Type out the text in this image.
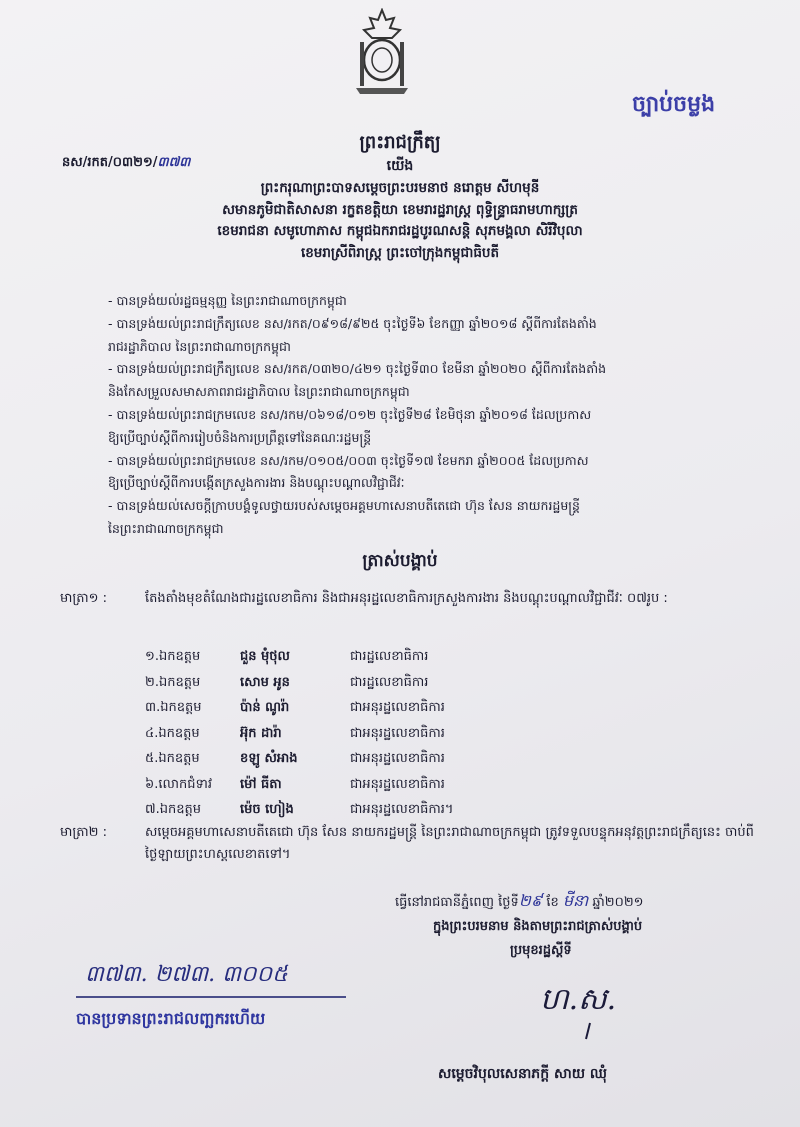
ច្បាប់ចម្លង
ព្រះរាជក្រឹត្យ
នស/រកត/០៣២១/៣៧៣	យើង
ព្រះករុណាព្រះបាទសម្តេចព្រះបរមនាថ នរោត្តម សីហមុនី
សមានភូមិជាតិសាសនា រក្ខតខត្តិយា ខេមរារដ្ឋរាស្ត្រ ពុទ្ធិន្ទ្រាធរាមហាក្សត្រ
ខេមរាជនា សមូហោភាស កម្ពុជឯករាជរដ្ឋបូរណសន្តិ សុភមង្គលា សិរីវិបុលា
ខេមរាស្រីពិរាស្ត្រ ព្រះចៅក្រុងកម្ពុជាធិបតី
- បានទ្រង់យល់រដ្ឋធម្មនុញ្ញ នៃព្រះរាជាណាចក្រកម្ពុជា
- បានទ្រង់យល់ព្រះរាជក្រឹត្យលេខ នស/រកត/០៩១៨/៩២៥ ចុះថ្ងៃទី៦ ខែកញ្ញា ឆ្នាំ២០១៨ ស្តីពីការតែងតាំង
រាជរដ្ឋាភិបាល នៃព្រះរាជាណាចក្រកម្ពុជា
- បានទ្រង់យល់ព្រះរាជក្រឹត្យលេខ នស/រកត/០៣២០/៤២១ ចុះថ្ងៃទី៣០ ខែមីនា ឆ្នាំ២០២០ ស្តីពីការតែងតាំង
និងកែសម្រួលសមាសភាពរាជរដ្ឋាភិបាល នៃព្រះរាជាណាចក្រកម្ពុជា
- បានទ្រង់យល់ព្រះរាជក្រមលេខ នស/រកម/០៦១៨/០១២ ចុះថ្ងៃទី២៨ ខែមិថុនា ឆ្នាំ២០១៨ ដែលប្រកាស
ឱ្យប្រើច្បាប់ស្តីពីការរៀបចំនិងការប្រព្រឹត្តទៅនៃគណៈរដ្ឋមន្ត្រី
- បានទ្រង់យល់ព្រះរាជក្រមលេខ នស/រកម/០១០៥/០០៣ ចុះថ្ងៃទី១៧ ខែមករា ឆ្នាំ២០០៥ ដែលប្រកាស
ឱ្យប្រើច្បាប់ស្តីពីការបង្កើតក្រសួងការងារ និងបណ្តុះបណ្តាលវិជ្ជាជីវៈ
- បានទ្រង់យល់សេចក្តីក្រាបបង្គំទូលថ្វាយរបស់សម្តេចអគ្គមហាសេនាបតីតេជោ ហ៊ុន សែន នាយករដ្ឋមន្ត្រី
នៃព្រះរាជាណាចក្រកម្ពុជា
ត្រាស់បង្គាប់
មាត្រា១ :	តែងតាំងមុខតំណែងជារដ្ឋលេខាធិការ និងជាអនុរដ្ឋលេខាធិការក្រសួងការងារ និងបណ្តុះបណ្តាលវិជ្ជាជីវៈ ០៧រូប :
១.ឯកឧត្តម	ជួន មុំថុល	ជារដ្ឋលេខាធិការ
២.ឯកឧត្តម	សោម អូន	ជារដ្ឋលេខាធិការ
៣.ឯកឧត្តម	ប៉ាន់ ណូរ៉ា	ជាអនុរដ្ឋលេខាធិការ
៤.ឯកឧត្តម	អ៊ុក ដារ៉ា	ជាអនុរដ្ឋលេខាធិការ
៥.ឯកឧត្តម	ខឡូ សំអាង	ជាអនុរដ្ឋលេខាធិការ
៦.លោកជំទាវ ម៉ៅ ធីតា	ជាអនុរដ្ឋលេខាធិការ
៧.ឯកឧត្តម	ម៉េច ហៀង	ជាអនុរដ្ឋលេខាធិការ។
មាត្រា២ :	សម្តេចអគ្គមហាសេនាបតីតេជោ ហ៊ុន សែន នាយករដ្ឋមន្ត្រី នៃព្រះរាជាណាចក្រកម្ពុជា ត្រូវទទួលបន្ទុកអនុវត្តព្រះរាជក្រឹត្យនេះ ចាប់ពីថ្ងៃឡាយព្រះហស្តលេខាតទៅ។
ធ្វើនៅរាជធានីភ្នំពេញ ថ្ងៃទី២៩ ខែ មីនា ឆ្នាំ២០២១
ក្នុងព្រះបរមនាម និងតាមព្រះរាជត្រាស់បង្គាប់
ប្រមុខរដ្ឋស្តីទី
ហ.ស.
សម្តេចវិបុលសេនាភក្តី សាយ ឈុំ
៣៧៣. ២៧៣. ៣០០៥
បានប្រទានព្រះរាជលញ្ឆករហើយ
